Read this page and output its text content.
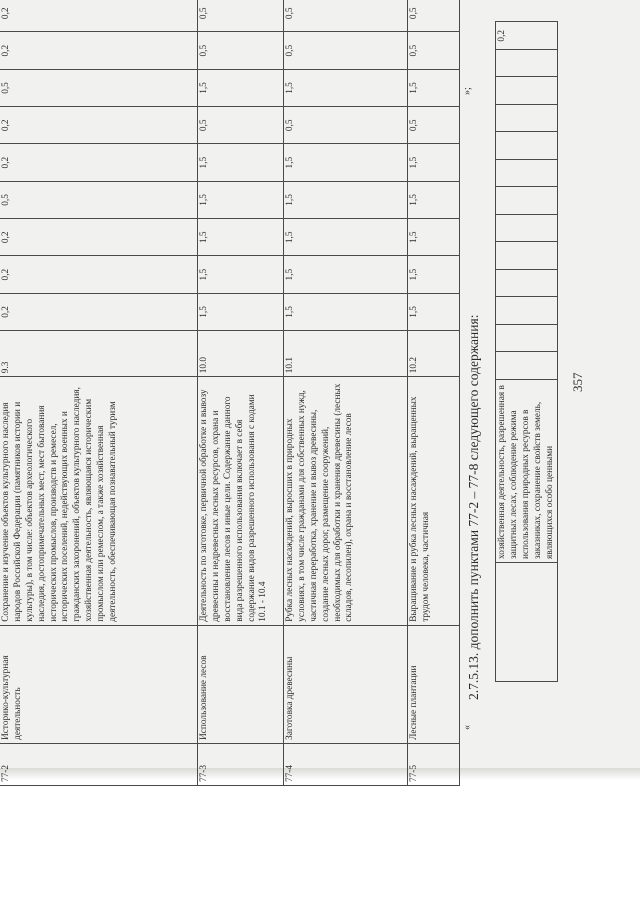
357
	хозяйственная деятельность, разрешенная в защитных лесах, соблюдение режима использования природных ресурсов в заказниках, сохранение свойств земель, являющихся особо ценными													0,2
«
»;
2.7.5.13. дополнить пунктами 77-2 – 77-8 следующего содержания:
77-2	Историко-культурная деятельность	Сохранение и изучение объектов культурного наследия народов Российской Федерации (памятников истории и культуры), в том числе: объектов археологического наследия, достопримечательных мест, мест бытования исторических промыслов, производств и ремесел, исторических поселений, недействующих военных и гражданских захоронений, объектов культурного наследия, хозяйственная деятельность, являющаяся историческим промыслом или ремеслом, а также хозяйственная деятельность, обеспечивающая познавательный туризм	9.3	0,2	0,2	0,2	0,5	0,2	0,2	0,5	0,2	0,2
77-3	Использование лесов	Деятельность по заготовке, первичной обработке и вывозу древесины и недревесных лесных ресурсов, охрана и восстановление лесов и иные цели. Содержание данного вида разрешенного использования включает в себя содержание видов разрешенного использования с кодами 10.1 - 10.4	10.0	1,5	1,5	1,5	1,5	1,5	0,5	1,5	0,5	0,5
77-4	Заготовка древесины	Рубка лесных насаждений, выросших в природных условиях, в том числе гражданами для собственных нужд, частичная переработка, хранение и вывоз древесины, создание лесных дорог, размещение сооружений, необходимых для обработки и хранения древесины (лесных складов, лесопилен), охрана и восстановление лесов	10.1	1,5	1,5	1,5	1,5	1,5	0,5	1,5	0,5	0,5
77-5	Лесные плантации	Выращивание и рубка лесных насаждений, выращенных трудом человека, частичная	10.2	1,5	1,5	1,5	1,5	1,5	0,5	1,5	0,5	0,5
